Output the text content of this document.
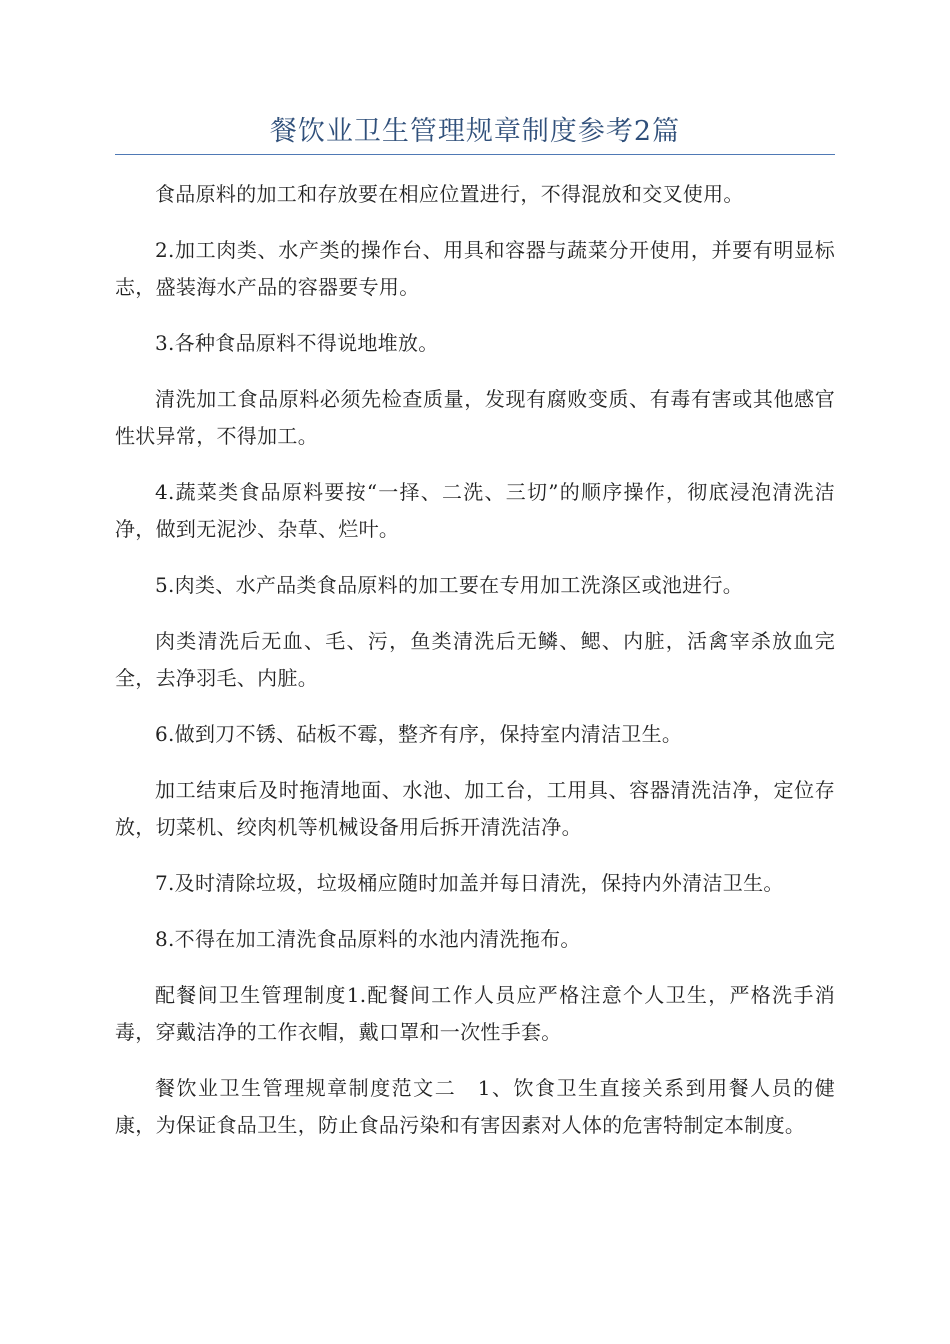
餐饮业卫生管理规章制度参考2篇

食品原料的加工和存放要在相应位置进行，不得混放和交叉使用。

2.加工肉类、水产类的操作台、用具和容器与蔬菜分开使用，并要有明显标志，盛装海水产品的容器要专用。

3.各种食品原料不得说地堆放。

清洗加工食品原料必须先检查质量，发现有腐败变质、有毒有害或其他感官性状异常，不得加工。

4.蔬菜类食品原料要按“一择、二洗、三切”的顺序操作，彻底浸泡清洗洁净，做到无泥沙、杂草、烂叶。

5.肉类、水产品类食品原料的加工要在专用加工洗涤区或池进行。

肉类清洗后无血、毛、污，鱼类清洗后无鳞、鳃、内脏，活禽宰杀放血完全，去净羽毛、内脏。

6.做到刀不锈、砧板不霉，整齐有序，保持室内清洁卫生。

加工结束后及时拖清地面、水池、加工台，工用具、容器清洗洁净，定位存放，切菜机、绞肉机等机械设备用后拆开清洗洁净。

7.及时清除垃圾，垃圾桶应随时加盖并每日清洗，保持内外清洁卫生。

8.不得在加工清洗食品原料的水池内清洗拖布。

配餐间卫生管理制度1.配餐间工作人员应严格注意个人卫生，严格洗手消毒，穿戴洁净的工作衣帽，戴口罩和一次性手套。

餐饮业卫生管理规章制度范文二　1、饮食卫生直接关系到用餐人员的健康，为保证食品卫生，防止食品污染和有害因素对人体的危害特制定本制度。
